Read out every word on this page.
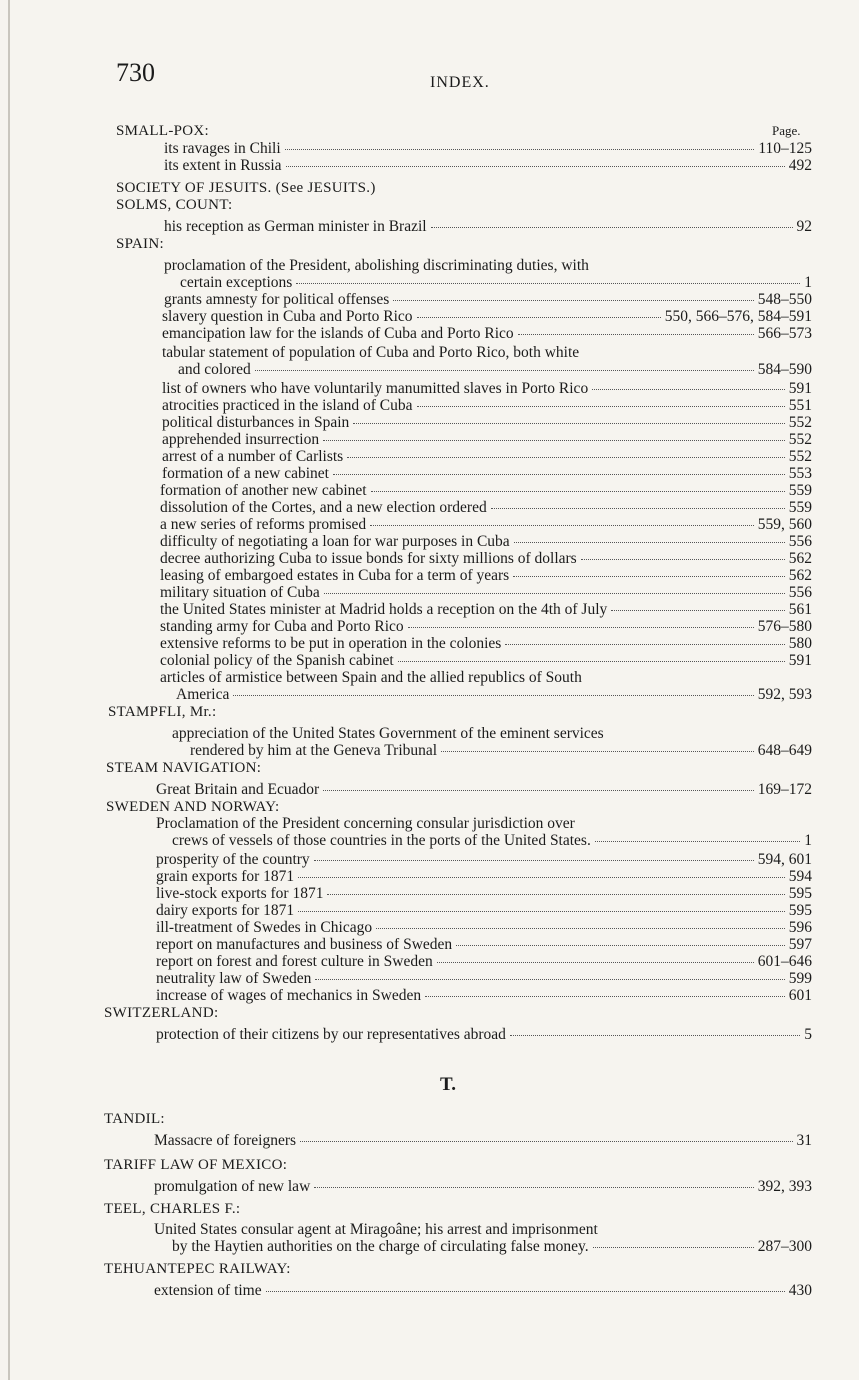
730	INDEX.
Page.
SMALL-POX:
its ravages in Chili	110–125
its extent in Russia	492
SOCIETY OF JESUITS. (See JESUITS.)
SOLMS, COUNT:
his reception as German minister in Brazil	92
SPAIN:
proclamation of the President, abolishing discriminating duties, with
certain exceptions	1
grants amnesty for political offenses	548–550
slavery question in Cuba and Porto Rico	550, 566–576, 584–591
emancipation law for the islands of Cuba and Porto Rico	566–573
tabular statement of population of Cuba and Porto Rico, both white
and colored	584–590
list of owners who have voluntarily manumitted slaves in Porto Rico	591
atrocities practiced in the island of Cuba	551
political disturbances in Spain	552
apprehended insurrection	552
arrest of a number of Carlists	552
formation of a new cabinet	553
formation of another new cabinet	559
dissolution of the Cortes, and a new election ordered	559
a new series of reforms promised	559, 560
difficulty of negotiating a loan for war purposes in Cuba	556
decree authorizing Cuba to issue bonds for sixty millions of dollars	562
leasing of embargoed estates in Cuba for a term of years	562
military situation of Cuba	556
the United States minister at Madrid holds a reception on the 4th of July	561
standing army for Cuba and Porto Rico	576–580
extensive reforms to be put in operation in the colonies	580
colonial policy of the Spanish cabinet	591
articles of armistice between Spain and the allied republics of South
America	592, 593
STAMPFLI, Mr.:
appreciation of the United States Government of the eminent services
rendered by him at the Geneva Tribunal	648–649
STEAM NAVIGATION:
Great Britain and Ecuador	169–172
SWEDEN AND NORWAY:
Proclamation of the President concerning consular jurisdiction over
crews of vessels of those countries in the ports of the United States.	1
prosperity of the country	594, 601
grain exports for 1871	594
live-stock exports for 1871	595
dairy exports for 1871	595
ill-treatment of Swedes in Chicago	596
report on manufactures and business of Sweden	597
report on forest and forest culture in Sweden	601–646
neutrality law of Sweden	599
increase of wages of mechanics in Sweden	601
SWITZERLAND:
protection of their citizens by our representatives abroad	5
TANDIL:
Massacre of foreigners	31
TARIFF LAW OF MEXICO:
promulgation of new law	392, 393
TEEL, CHARLES F.:
United States consular agent at Miragoâne; his arrest and imprisonment
by the Haytien authorities on the charge of circulating false money.	287–300
TEHUANTEPEC RAILWAY:
extension of time	430
T.
